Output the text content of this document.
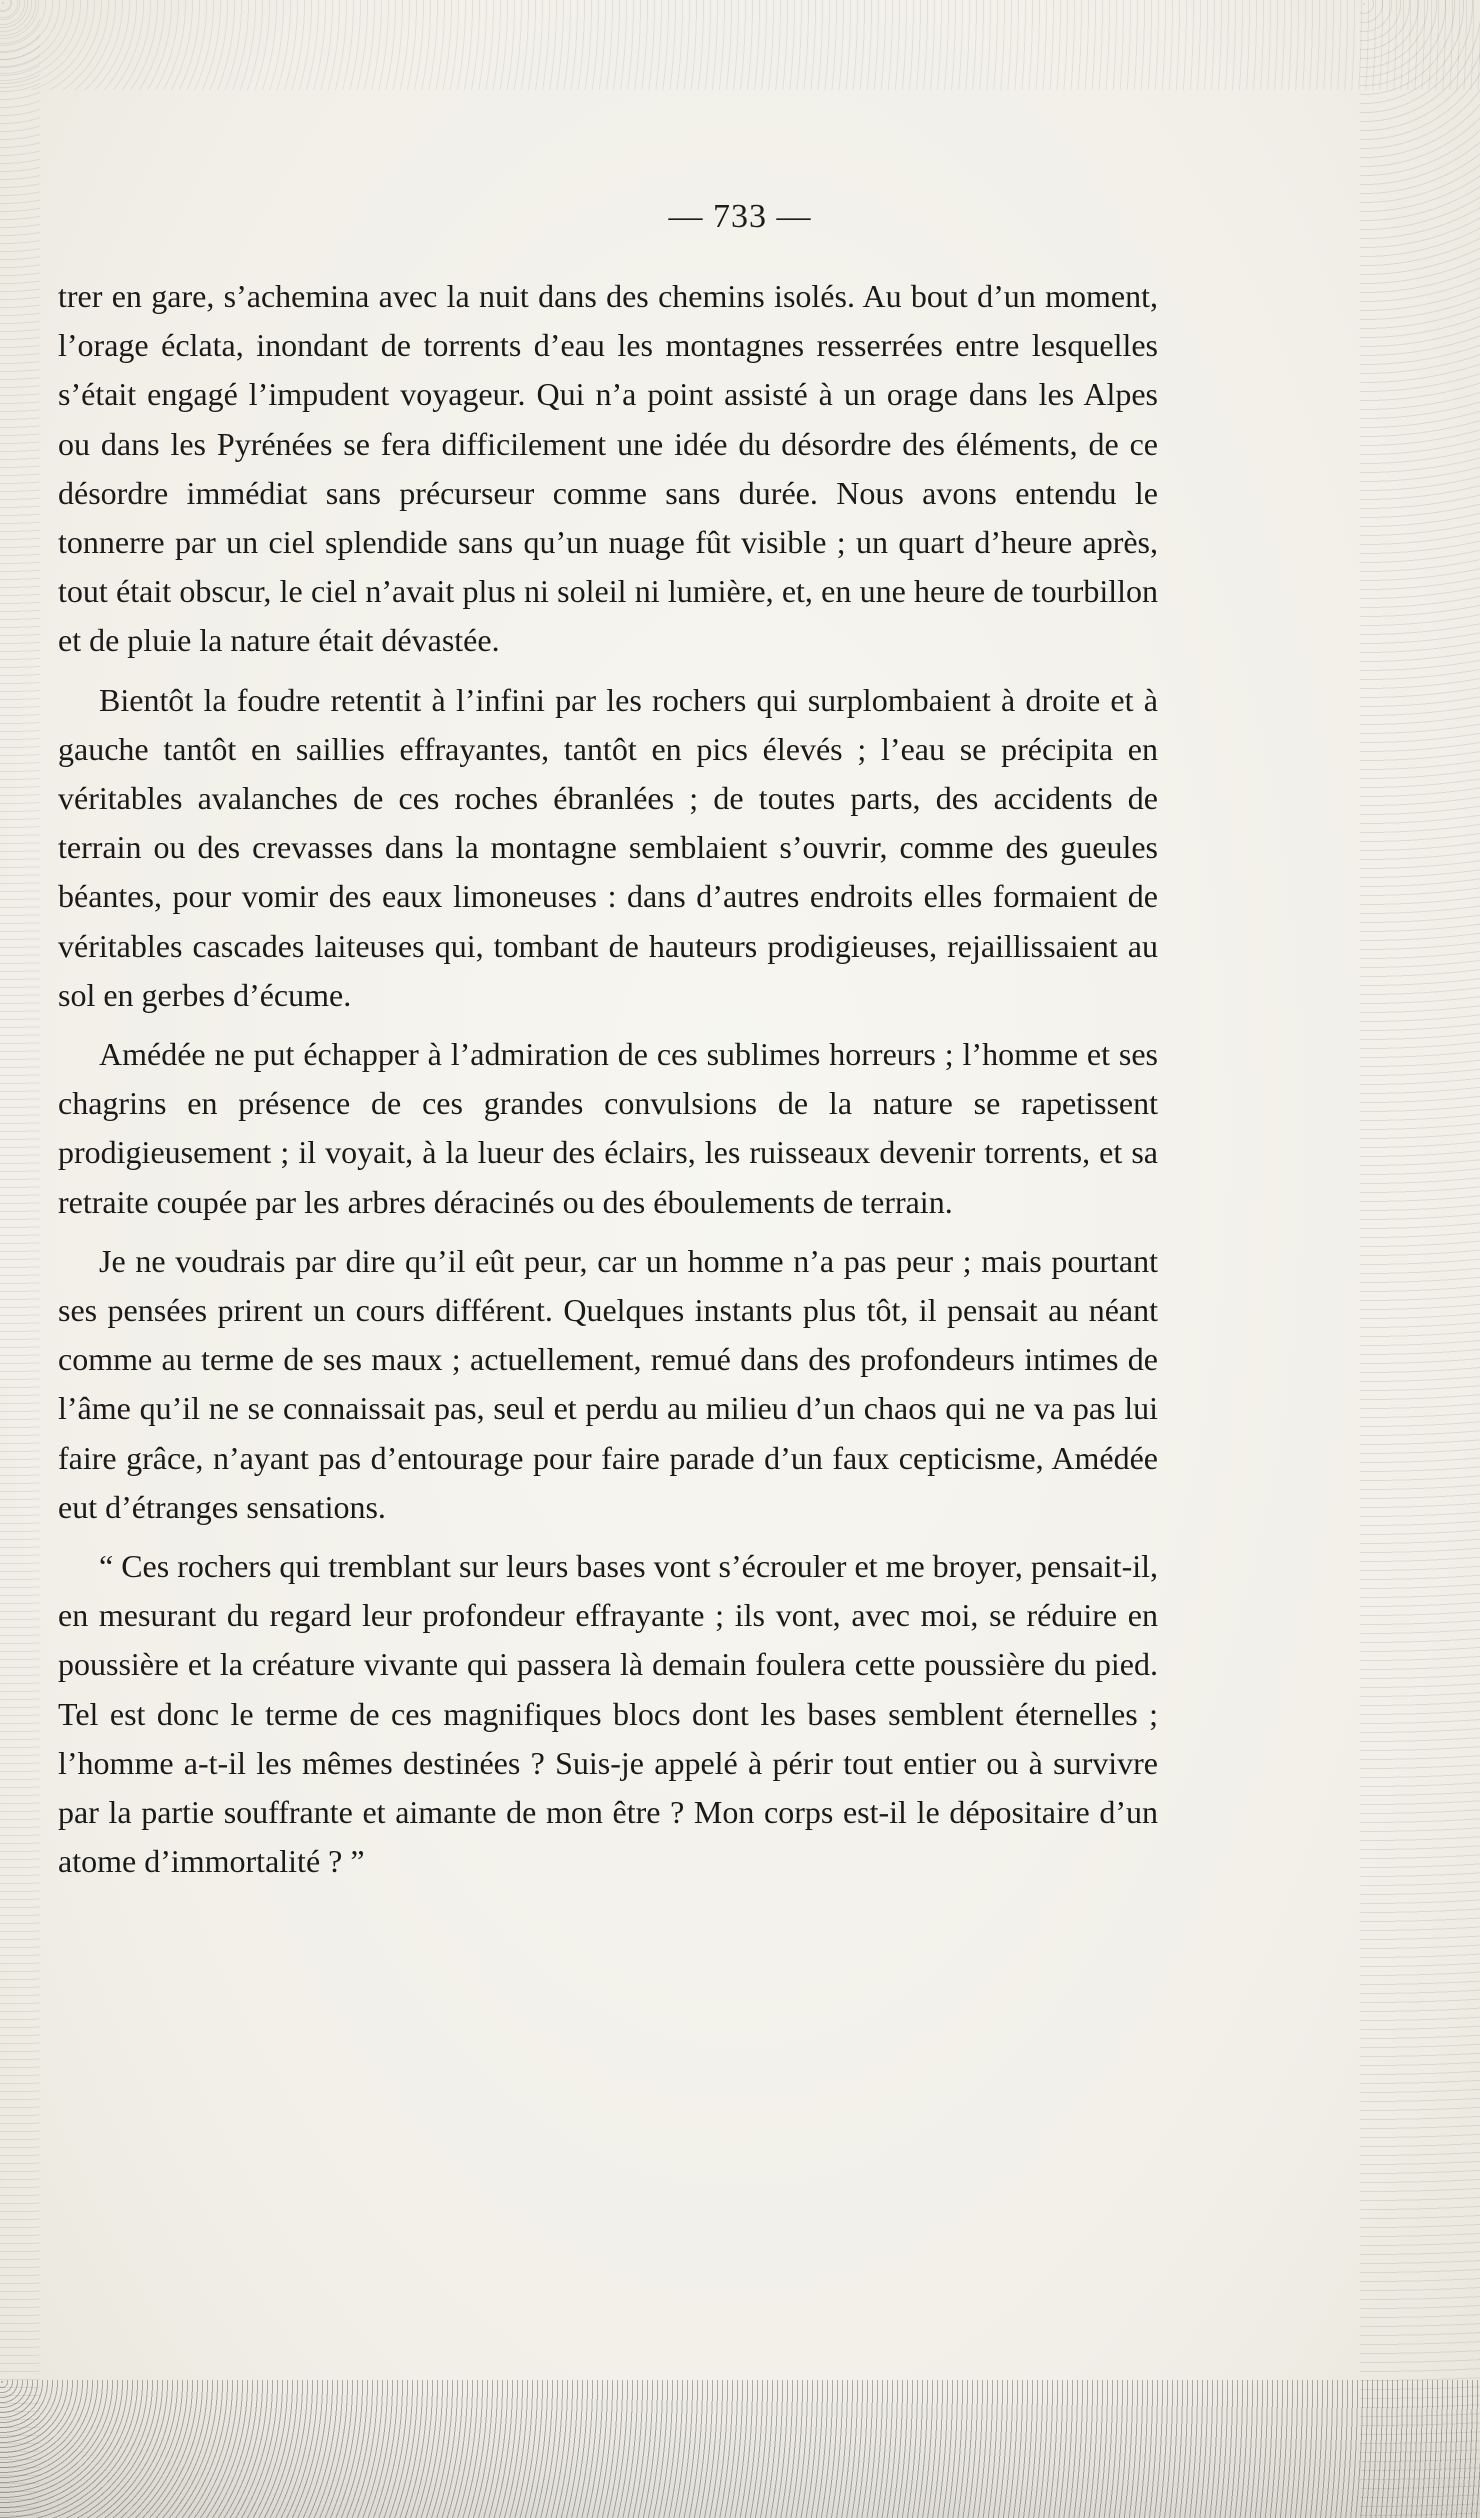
— 733 —

trer en gare, s’achemina avec la nuit dans des chemins isolés. Au bout d’un moment, l’orage éclata, inondant de torrents d’eau les montagnes resserrées entre lesquelles s’était engagé l’impudent voyageur. Qui n’a point assisté à un orage dans les Alpes ou dans les Pyrénées se fera difficilement une idée du désordre des éléments, de ce désordre immédiat sans précurseur comme sans durée. Nous avons entendu le tonnerre par un ciel splendide sans qu’un nuage fût visible ; un quart d’heure après, tout était obscur, le ciel n’avait plus ni soleil ni lumière, et, en une heure de tourbillon et de pluie la nature était dévastée.

Bientôt la foudre retentit à l’infini par les rochers qui surplombaient à droite et à gauche tantôt en saillies effrayantes, tantôt en pics élevés ; l’eau se précipita en véritables avalanches de ces roches ébranlées ; de toutes parts, des accidents de terrain ou des crevasses dans la montagne semblaient s’ouvrir, comme des gueules béantes, pour vomir des eaux limoneuses : dans d’autres endroits elles formaient de véritables cascades laiteuses qui, tombant de hauteurs prodigieuses, rejaillissaient au sol en gerbes d’écume.

Amédée ne put échapper à l’admiration de ces sublimes horreurs ; l’homme et ses chagrins en présence de ces grandes convulsions de la nature se rapetissent prodigieusement ; il voyait, à la lueur des éclairs, les ruisseaux devenir torrents, et sa retraite coupée par les arbres déracinés ou des éboulements de terrain.

Je ne voudrais par dire qu’il eût peur, car un homme n’a pas peur ; mais pourtant ses pensées prirent un cours différent. Quelques instants plus tôt, il pensait au néant comme au terme de ses maux ; actuellement, remué dans des profondeurs intimes de l’âme qu’il ne se connaissait pas, seul et perdu au milieu d’un chaos qui ne va pas lui faire grâce, n’ayant pas d’entourage pour faire parade d’un faux cepticisme, Amédée eut d’étranges sensations.

“ Ces rochers qui tremblant sur leurs bases vont s’écrouler et me broyer, pensait-il, en mesurant du regard leur profondeur effrayante ; ils vont, avec moi, se réduire en poussière et la créature vivante qui passera là demain foulera cette poussière du pied. Tel est donc le terme de ces magnifiques blocs dont les bases semblent éternelles ; l’homme a-t-il les mêmes destinées ? Suis-je appelé à périr tout entier ou à survivre par la partie souffrante et aimante de mon être ? Mon corps est-il le dépositaire d’un atome d’immortalité ? ”
